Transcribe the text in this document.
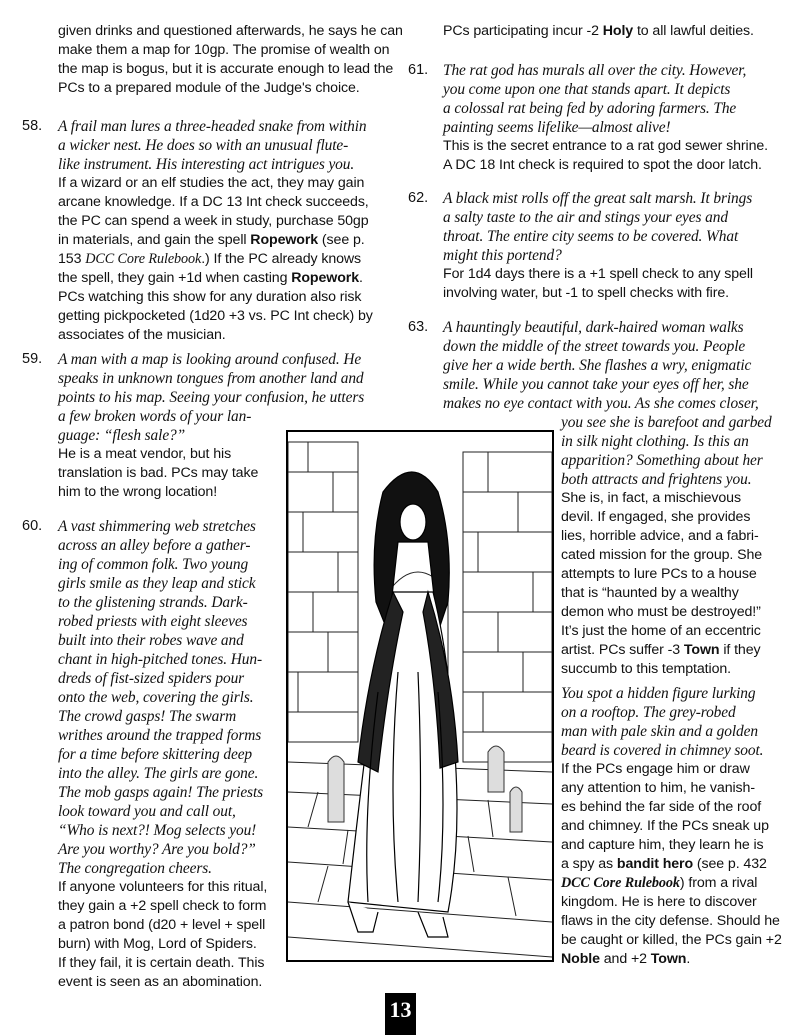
given drinks and questioned afterwards, he says he can
make them a map for 10gp. The promise of wealth on
the map is bogus, but it is accurate enough to lead the
PCs to a prepared module of the Judge's choice.
58. A frail man lures a three-headed snake from within
a wicker nest. He does so with an unusual flute-
like instrument. His interesting act intrigues you.
If a wizard or an elf studies the act, they may gain
arcane knowledge. If a DC 13 Int check succeeds,
the PC can spend a week in study, purchase 50gp
in materials, and gain the spell Ropework (see p.
153 DCC Core Rulebook.) If the PC already knows
the spell, they gain +1d when casting Ropework.
PCs watching this show for any duration also risk
getting pickpocketed (1d20 +3 vs. PC Int check) by
associates of the musician.
59. A man with a map is looking around confused. He
speaks in unknown tongues from another land and
points to his map. Seeing your confusion, he utters
a few broken words of your lan-
guage: “flesh sale?”
He is a meat vendor, but his
translation is bad. PCs may take
him to the wrong location!
60. A vast shimmering web stretches
across an alley before a gather-
ing of common folk. Two young
girls smile as they leap and stick
to the glistening strands. Dark-
robed priests with eight sleeves
built into their robes wave and
chant in high-pitched tones. Hun-
dreds of fist-sized spiders pour
onto the web, covering the girls.
The crowd gasps! The swarm
writhes around the trapped forms
for a time before skittering deep
into the alley. The girls are gone.
The mob gasps again! The priests
look toward you and call out,
“Who is next?! Mog selects you!
Are you worthy? Are you bold?”
The congregation cheers.
If anyone volunteers for this ritual,
they gain a +2 spell check to form
a patron bond (d20 + level + spell
burn) with Mog, Lord of Spiders.
If they fail, it is certain death. This
event is seen as an abomination.
PCs participating incur -2 Holy to all lawful deities.
61. The rat god has murals all over the city. However,
you come upon one that stands apart. It depicts
a colossal rat being fed by adoring farmers. The
painting seems lifelike—almost alive!
This is the secret entrance to a rat god sewer shrine.
A DC 18 Int check is required to spot the door latch.
62. A black mist rolls off the great salt marsh. It brings
a salty taste to the air and stings your eyes and
throat. The entire city seems to be covered. What
might this portend?
For 1d4 days there is a +1 spell check to any spell
involving water, but -1 to spell checks with fire.
63. A hauntingly beautiful, dark-haired woman walks
down the middle of the street towards you. People
give her a wide berth. She flashes a wry, enigmatic
smile. While you cannot take your eyes off her, she
makes no eye contact with you. As she comes closer,
you see she is barefoot and garbed
in silk night clothing. Is this an
apparition? Something about her
both attracts and frightens you.
She is, in fact, a mischievous
devil. If engaged, she provides
lies, horrible advice, and a fabri-
cated mission for the group. She
attempts to lure PCs to a house
that is “haunted by a wealthy
demon who must be destroyed!”
It’s just the home of an eccentric
artist. PCs suffer -3 Town if they
succumb to this temptation.
You spot a hidden figure lurking
on a rooftop. The grey-robed
man with pale skin and a golden
beard is covered in chimney soot.
If the PCs engage him or draw
any attention to him, he vanish-
es behind the far side of the roof
and chimney. If the PCs sneak up
and capture him, they learn he is
a spy as bandit hero (see p. 432
DCC Core Rulebook) from a rival
kingdom. He is here to discover
flaws in the city defense. Should he
be caught or killed, the PCs gain +2
Noble and +2 Town.
13
